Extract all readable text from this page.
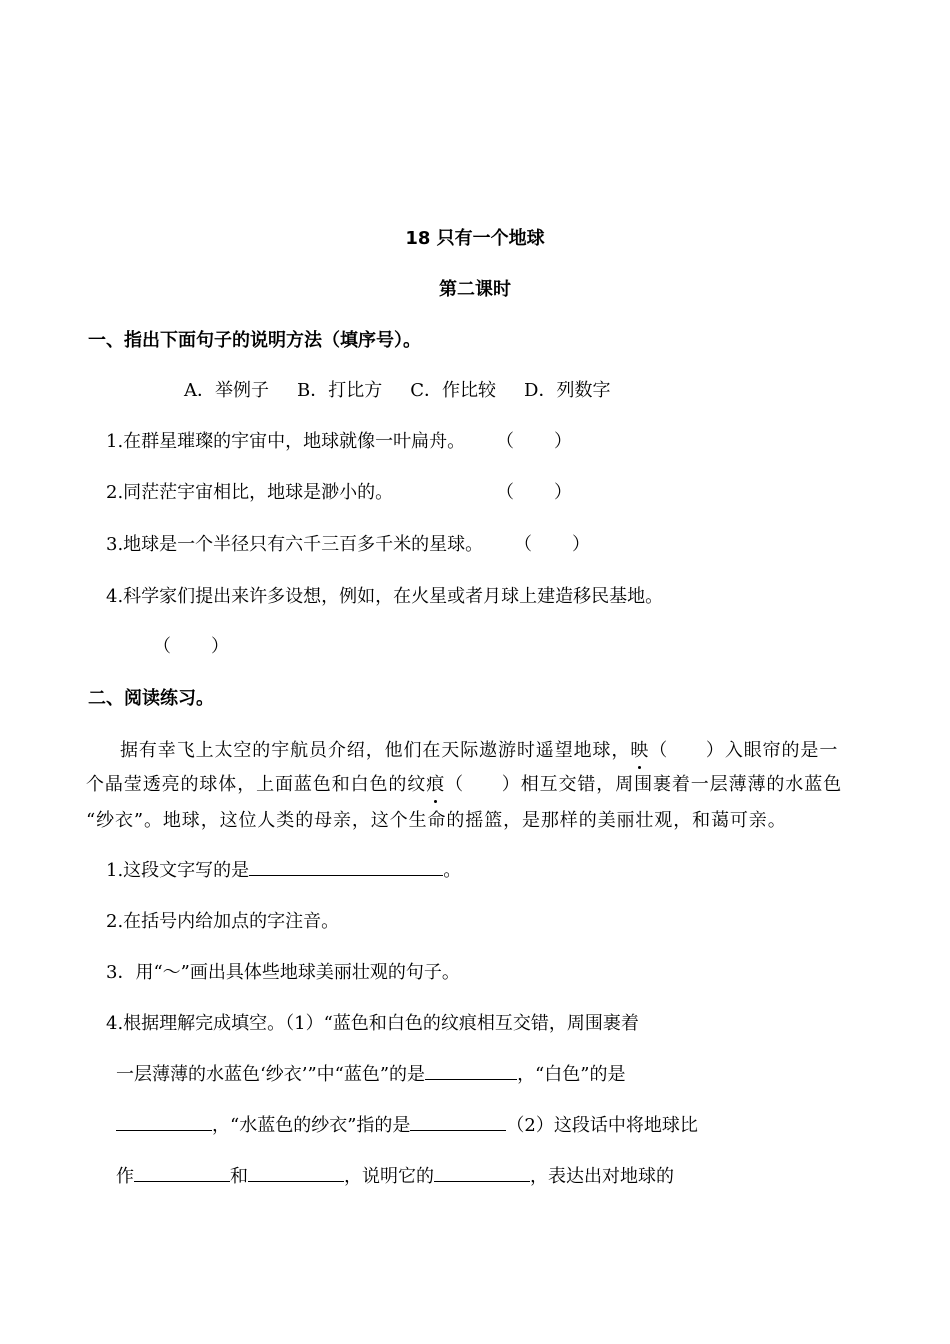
18 只有一个地球
第二课时
一、指出下面句子的说明方法（填序号）。
A．举例子 B．打比方 C．作比较 D．列数字
1.在群星璀璨的宇宙中，地球就像一叶扁舟。 （ ）
2.同茫茫宇宙相比，地球是渺小的。	（ ）
3.地球是一个半径只有六千三百多千米的星球。 （ ）
4.科学家们提出来许多设想，例如，在火星或者月球上建造移民基地。
（ ）
二、阅读练习。
据有幸飞上太空的宇航员介绍，他们在天际遨游时遥望地球，映（　　）入眼帘的是一
个晶莹透亮的球体，上面蓝色和白色的纹痕（　　）相互交错，周围裹着一层薄薄的水蓝色
“纱衣”。地球，这位人类的母亲，这个生命的摇篮，是那样的美丽壮观，和蔼可亲。
1.这段文字写的是	。
2.在括号内给加点的字注音。
3．用“～”画出具体些地球美丽壮观的句子。
4.根据理解完成填空。（1）“蓝色和白色的纹痕相互交错，周围裹着
一层薄薄的水蓝色‘纱衣’”中“蓝色”的是	，“白色”的是
，“水蓝色的纱衣”指的是	（2）这段话中将地球比
作	和	，说明它的	，表达出对地球的
